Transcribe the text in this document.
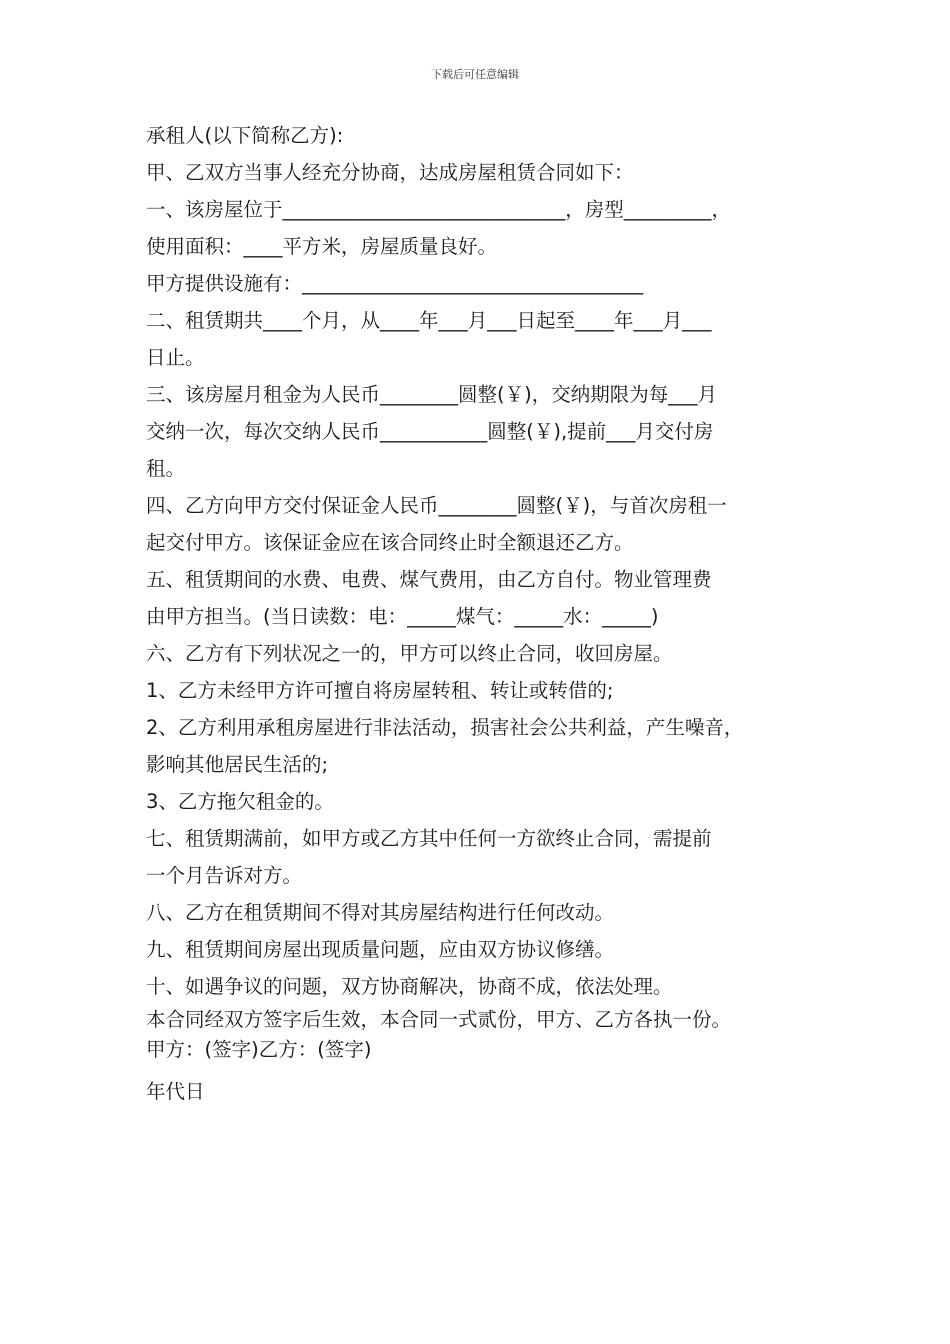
下载后可任意编辑

承租人(以下简称乙方):

甲、乙双方当事人经充分协商，达成房屋租赁合同如下：

一、该房屋位于_____________________________，房型_________，

使用面积：____平方米，房屋质量良好。

甲方提供设施有：___________________________________

二、租赁期共____个月，从____年___月___日起至____年___月___

日止。

三、该房屋月租金为人民币________圆整(￥)，交纳期限为每___月

交纳一次，每次交纳人民币___________圆整(￥),提前___月交付房

租。

四、乙方向甲方交付保证金人民币________圆整(￥)，与首次房租一

起交付甲方。该保证金应在该合同终止时全额退还乙方。

五、租赁期间的水费、电费、煤气费用，由乙方自付。物业管理费

由甲方担当。(当日读数：电：_____煤气：_____水：_____)

六、乙方有下列状况之一的，甲方可以终止合同，收回房屋。

1、乙方未经甲方许可擅自将房屋转租、转让或转借的;

2、乙方利用承租房屋进行非法活动，损害社会公共利益，产生噪音，

影响其他居民生活的;

3、乙方拖欠租金的。

七、租赁期满前，如甲方或乙方其中任何一方欲终止合同，需提前

一个月告诉对方。

八、乙方在租赁期间不得对其房屋结构进行任何改动。

九、租赁期间房屋出现质量问题，应由双方协议修缮。

十、如遇争议的问题，双方协商解决，协商不成，依法处理。

本合同经双方签字后生效，本合同一式贰份，甲方、乙方各执一份。

甲方：(签字)乙方：(签字)

年代日
